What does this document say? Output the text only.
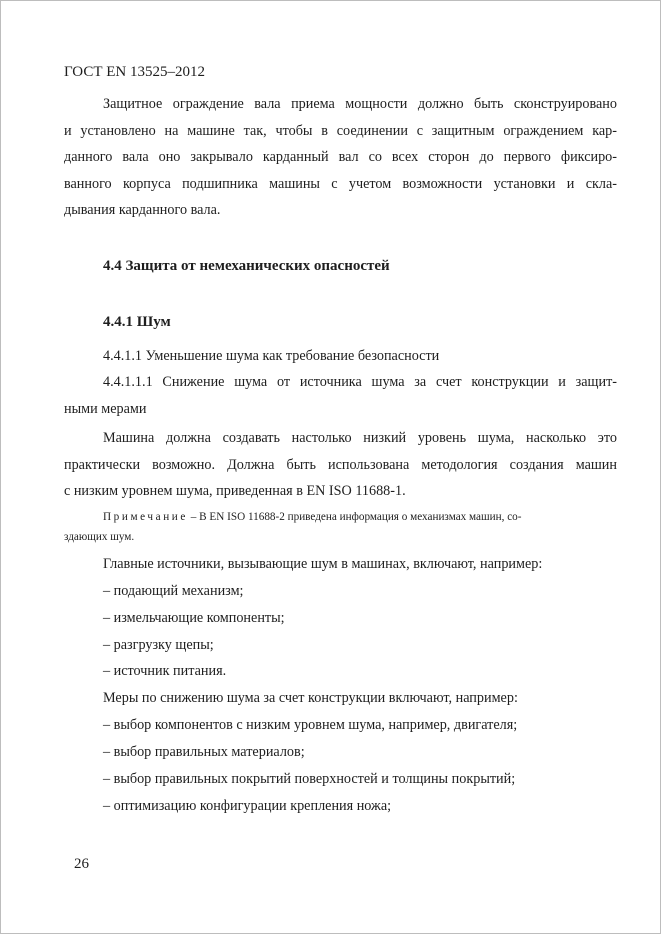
ГОСТ EN 13525–2012
Защитное ограждение вала приема мощности должно быть сконструировано
и установлено на машине так, чтобы в соединении с защитным ограждением кар-
данного вала оно закрывало карданный вал со всех сторон до первого фиксиро-
ванного корпуса подшипника машины с учетом возможности установки и скла-
дывания карданного вала.
4.4 Защита от немеханических опасностей
4.4.1 Шум
4.4.1.1 Уменьшение шума как требование безопасности
4.4.1.1.1 Снижение шума от источника шума за счет конструкции и защит-
ными мерами
Машина должна создавать настолько низкий уровень шума, насколько это
практически возможно. Должна быть использована методология создания машин
с низким уровнем шума, приведенная в EN ISO 11688-1.
Примечание – В EN ISO 11688-2 приведена информация о механизмах машин, со-
здающих шум.
Главные источники, вызывающие шум в машинах, включают, например:
– подающий механизм;
– измельчающие компоненты;
– разгрузку щепы;
– источник питания.
Меры по снижению шума за счет конструкции включают, например:
– выбор компонентов с низким уровнем шума, например, двигателя;
– выбор правильных материалов;
– выбор правильных покрытий поверхностей и толщины покрытий;
– оптимизацию конфигурации крепления ножа;
26
